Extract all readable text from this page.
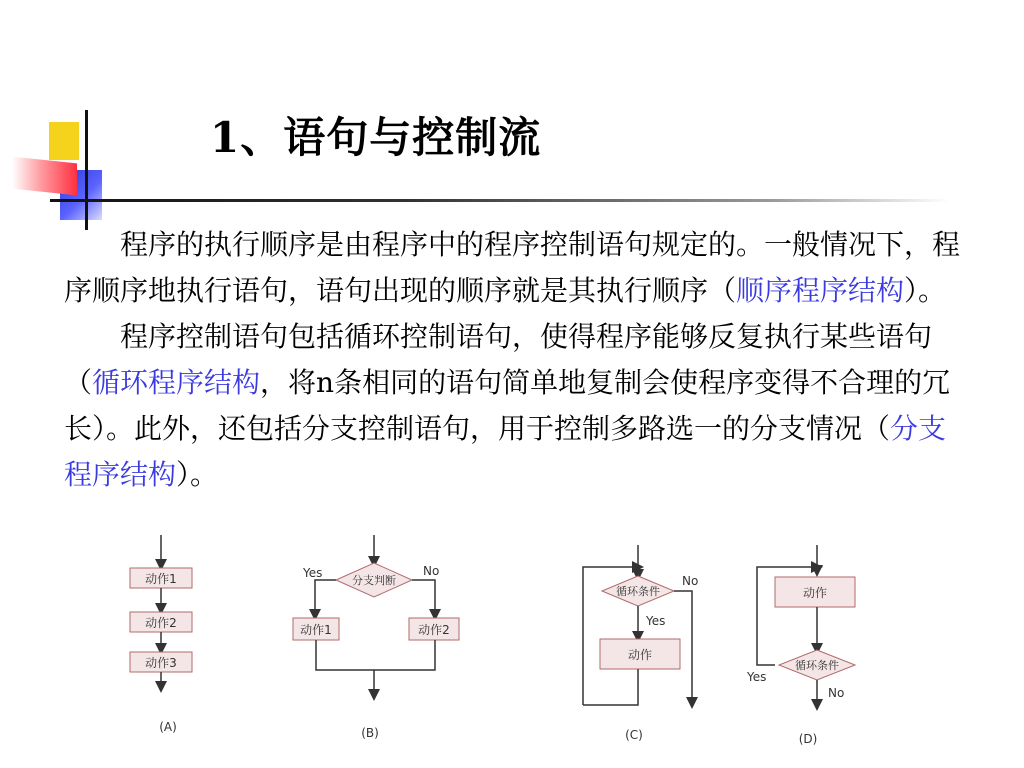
1、语句与控制流

程序的执行顺序是由程序中的程序控制语句规定的。一般情况下，程序顺序地执行语句，语句出现的顺序就是其执行顺序（顺序程序结构）。

程序控制语句包括循环控制语句，使得程序能够反复执行某些语句（循环程序结构，将n条相同的语句简单地复制会使程序变得不合理的冗长）。此外，还包括分支控制语句，用于控制多路选一的分支情况（分支程序结构）。

动作1
动作2
动作3
(A)
分支判断
Yes	No
动作1	动作2
(B)
循环条件
No
Yes
动作
(C)
动作
循环条件
Yes
No
(D)
